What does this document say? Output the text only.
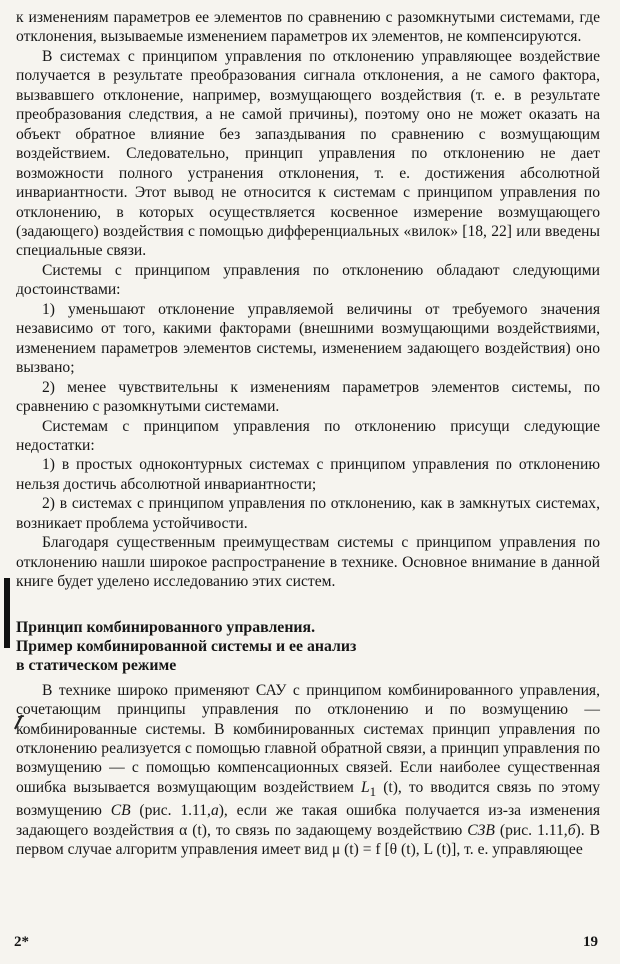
к изменениям параметров ее элементов по сравнению с разомкнутыми системами, где отклонения, вызываемые изменением параметров их элементов, не компенсируются.

В системах с принципом управления по отклонению управляющее воздействие получается в результате преобразования сигнала отклонения, а не самого фактора, вызвавшего отклонение, например, возмущающего воздействия (т. е. в результате преобразования следствия, а не самой причины), поэтому оно не может оказать на объект обратное влияние без запаздывания по сравнению с возмущающим воздействием. Следовательно, принцип управления по отклонению не дает возможности полного устранения отклонения, т. е. достижения абсолютной инвариантности. Этот вывод не относится к системам с принципом управления по отклонению, в которых осуществляется косвенное измерение возмущающего (задающего) воздействия с помощью дифференциальных «вилок» [18, 22] или введены специальные связи.

Системы с принципом управления по отклонению обладают следующими достоинствами:

1) уменьшают отклонение управляемой величины от требуемого значения независимо от того, какими факторами (внешними возмущающими воздействиями, изменением параметров элементов системы, изменением задающего воздействия) оно вызвано;

2) менее чувствительны к изменениям параметров элементов системы, по сравнению с разомкнутыми системами.

Системам с принципом управления по отклонению присущи следующие недостатки:

1) в простых одноконтурных системах с принципом управления по отклонению нельзя достичь абсолютной инвариантности;

2) в системах с принципом управления по отклонению, как в замкнутых системах, возникает проблема устойчивости.

Благодаря существенным преимуществам системы с принципом управления по отклонению нашли широкое распространение в технике. Основное внимание в данной книге будет уделено исследованию этих систем.

Принцип комбинированного управления.
Пример комбинированной системы и ее анализ
в статическом режиме

В технике широко применяют САУ с принципом комбинированного управления, сочетающим принципы управления по отклонению и по возмущению — комбинированные системы. В комбинированных системах принцип управления по отклонению реализуется с помощью главной обратной связи, а принцип управления по возмущению — с помощью компенсационных связей. Если наиболее существенная ошибка вызывается возмущающим воздействием $L_1$ (t), то вводится связь по этому возмущению СВ (рис. 1.11,а), если же такая ошибка получается из-за изменения задающего воздействия α (t), то связь по задающему воздействию СЗВ (рис. 1.11,б). В первом случае алгоритм управления имеет вид μ (t) = f [θ (t), L (t)], т. е. управляющее

2*	19
